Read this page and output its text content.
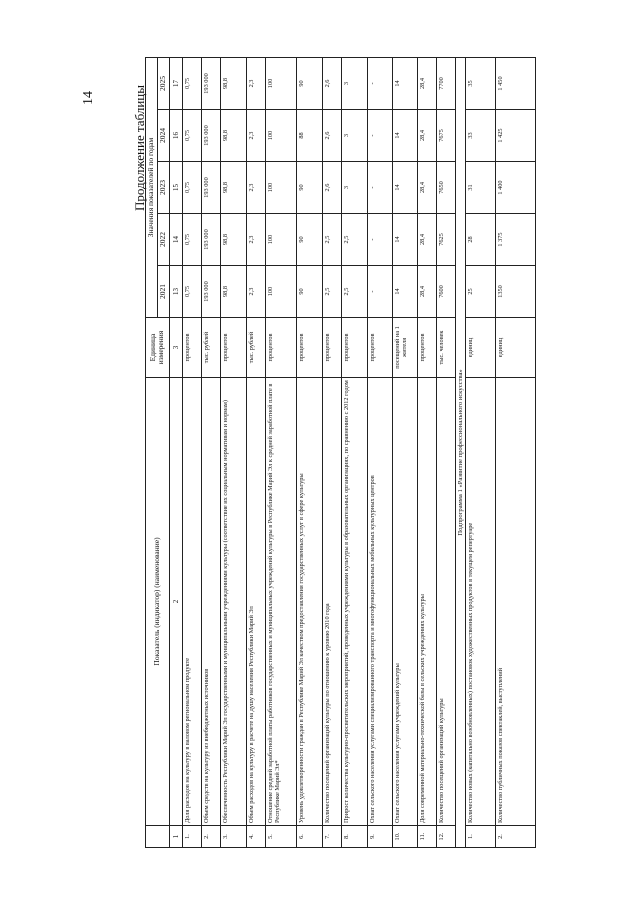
14	Продолжение таблицы
	Показатель (индикатор) (наименование)	Единица измерения	Значения показателей по годам				
			2021	2022	2023	2024	2025
1	2	3	13	14	15	16	17
1.	Доля расходов на культуру в валовом региональном продукте	процентов	0,75	0,75	0,75	0,75	0,75
2.	Объем средств на культуру из внебюджетных источников	тыс. рублей	193 000	193 000	193 000	193 000	193 000
3.	Обеспеченность Республики Марий Эл государственными и муниципальными учреждениями культуры (соответствие их социальным нормативам и нормам)	процентов	98,8	98,8	98,8	98,8	98,8
4.	Объем расходов на культуру в расчете на душу населения Республики Марий Эл	тыс. рублей	2,3	2,3	2,3	2,3	2,3
5.	Отношение средней заработной платы работников государственных и муниципальных учреждений культуры в Республике Марий Эл к средней заработной плате в Республике Марий Эл*	процентов	100	100	100	100	100
6.	Уровень удовлетворенности граждан в Республике Марий Эл качеством предоставления государственных услуг в сфере культуры	процентов	90	90	90	88	90
7.	Количество посещений организаций культуры по отношению к уровню 2010 года	процентов	2,5	2,5	2,6	2,6	2,6
8.	Прирост количества культурно-просветительских мероприятий, проведенных учреждениями культуры в образовательных организациях, по сравнению с 2012 годом	процентов	2,5	2,5	3	3	3
9.	Охват сельского населения услугами специализированного транспорта и многофункциональных мобильных культурных центров	процентов	-	-	-	-	-
10.	Охват сельского населения услугами учреждений культуры	посещений на 1 жителя	14	14	14	14	14
11.	Доля современной материально-технической базы в сельских учреждениях культуры	процентов	28,4	28,4	28,4	28,4	28,4
12.	Количество посещений организаций культуры	тыс. человек	7600	7625	7650	7675	7700
Подпрограмма 1 «Развитие профессионального искусства»							
1.	Количество новых (капитально возобновленных) постановок художественных продуктов в текущем репертуаре	единиц	25	28	31	33	35
2.	Количество публичных показов спектаклей, выступлений	единиц	1350	1 375	1 400	1 425	1 450
